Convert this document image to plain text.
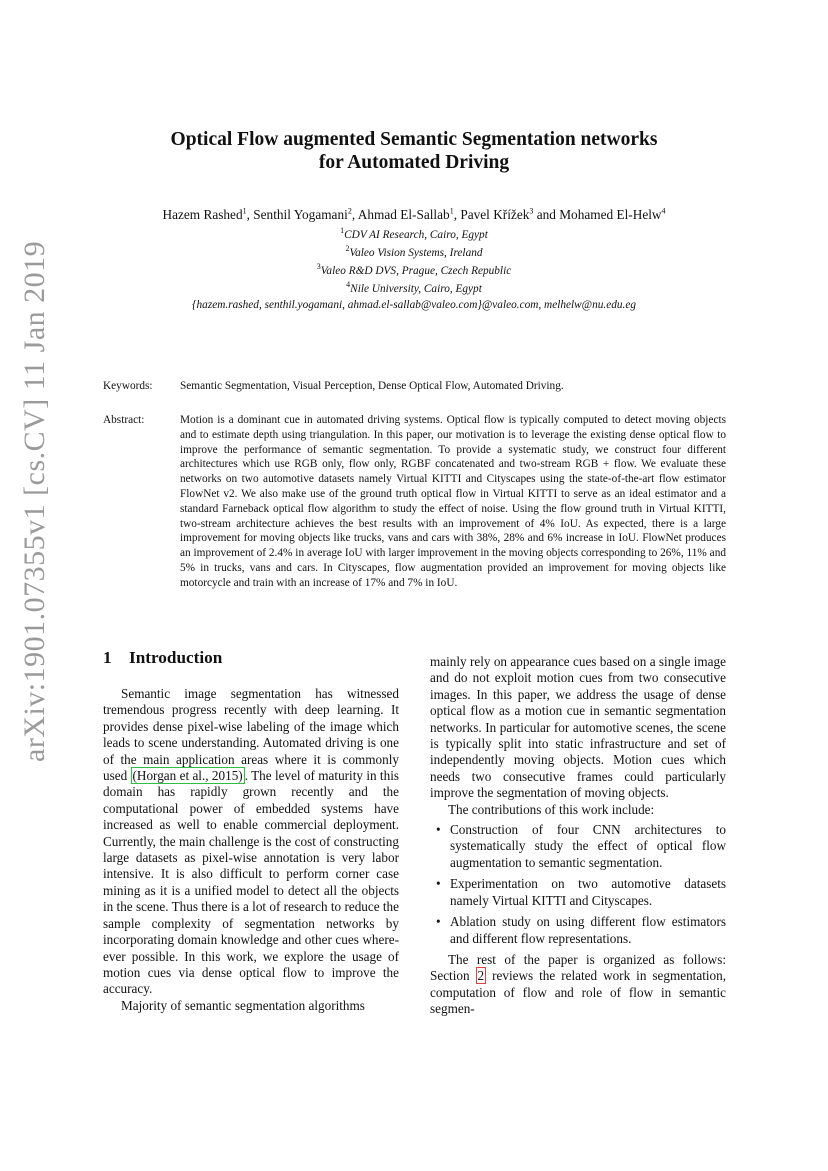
arXiv:1901.07355v1 [cs.CV] 11 Jan 2019
Optical Flow augmented Semantic Segmentation networks
for Automated Driving
Hazem Rashed$^1$, Senthil Yogamani$^2$, Ahmad El-Sallab$^1$, Pavel Křížek$^3$ and Mohamed El-Helw$^4$
$^1$CDV AI Research, Cairo, Egypt
$^2$Valeo Vision Systems, Ireland
$^3$Valeo R&D DVS, Prague, Czech Republic
$^4$Nile University, Cairo, Egypt
{hazem.rashed, senthil.yogamani, ahmad.el-sallab@valeo.com}@valeo.com, melhelw@nu.edu.eg
Keywords:	Semantic Segmentation, Visual Perception, Dense Optical Flow, Automated Driving.
Abstract:	Motion is a dominant cue in automated driving systems. Optical flow is typically computed to detect moving objects and to estimate depth using triangulation. In this paper, our motivation is to leverage the existing dense optical flow to improve the performance of semantic segmentation. To provide a systematic study, we construct four different architectures which use RGB only, flow only, RGBF concatenated and two-stream RGB + flow. We evaluate these networks on two automotive datasets namely Virtual KITTI and Cityscapes using the state-of-the-art flow estimator FlowNet v2. We also make use of the ground truth optical flow in Virtual KITTI to serve as an ideal estimator and a standard Farneback optical flow algorithm to study the effect of noise. Using the flow ground truth in Virtual KITTI, two-stream architecture achieves the best results with an improvement of 4% IoU. As expected, there is a large improvement for moving objects like trucks, vans and cars with 38%, 28% and 6% increase in IoU. FlowNet produces an improvement of 2.4% in average IoU with larger improvement in the moving objects corresponding to 26%, 11% and 5% in trucks, vans and cars. In Cityscapes, flow augmentation provided an improvement for moving objects like motorcycle and train with an increase of 17% and 7% in IoU.
1 Introduction

Semantic image segmentation has witnessed tremendous progress recently with deep learning. It provides dense pixel-wise labeling of the image which leads to scene understanding. Automated driving is one of the main application areas where it is commonly used (Horgan et al., 2015) . The level of maturity in this domain has rapidly grown recently and the computational power of embedded systems have increased as well to enable commercial deployment. Currently, the main challenge is the cost of constructing large datasets as pixel-wise annotation is very labor intensive. It is also difficult to perform corner case mining as it is a unified model to detect all the objects in the scene. Thus there is a lot of research to reduce the sample complexity of segmentation networks by incorporating domain knowledge and other cues where-ever possible. In this work, we explore the usage of motion cues via dense optical flow to improve the accuracy.

Majority of semantic segmentation algorithms

mainly rely on appearance cues based on a single image and do not exploit motion cues from two consecutive images. In this paper, we address the usage of dense optical flow as a motion cue in semantic segmentation networks. In particular for automotive scenes, the scene is typically split into static infrastructure and set of independently moving objects. Motion cues which needs two consecutive frames could particularly improve the segmentation of moving objects.

The contributions of this work include:

• Construction of four CNN architectures to systematically study the effect of optical flow augmentation to semantic segmentation.
• Experimentation on two automotive datasets namely Virtual KITTI and Cityscapes.
• Ablation study on using different flow estimators and different flow representations.

The rest of the paper is organized as follows: Section 2 reviews the related work in segmentation, computation of flow and role of flow in semantic segmen-
